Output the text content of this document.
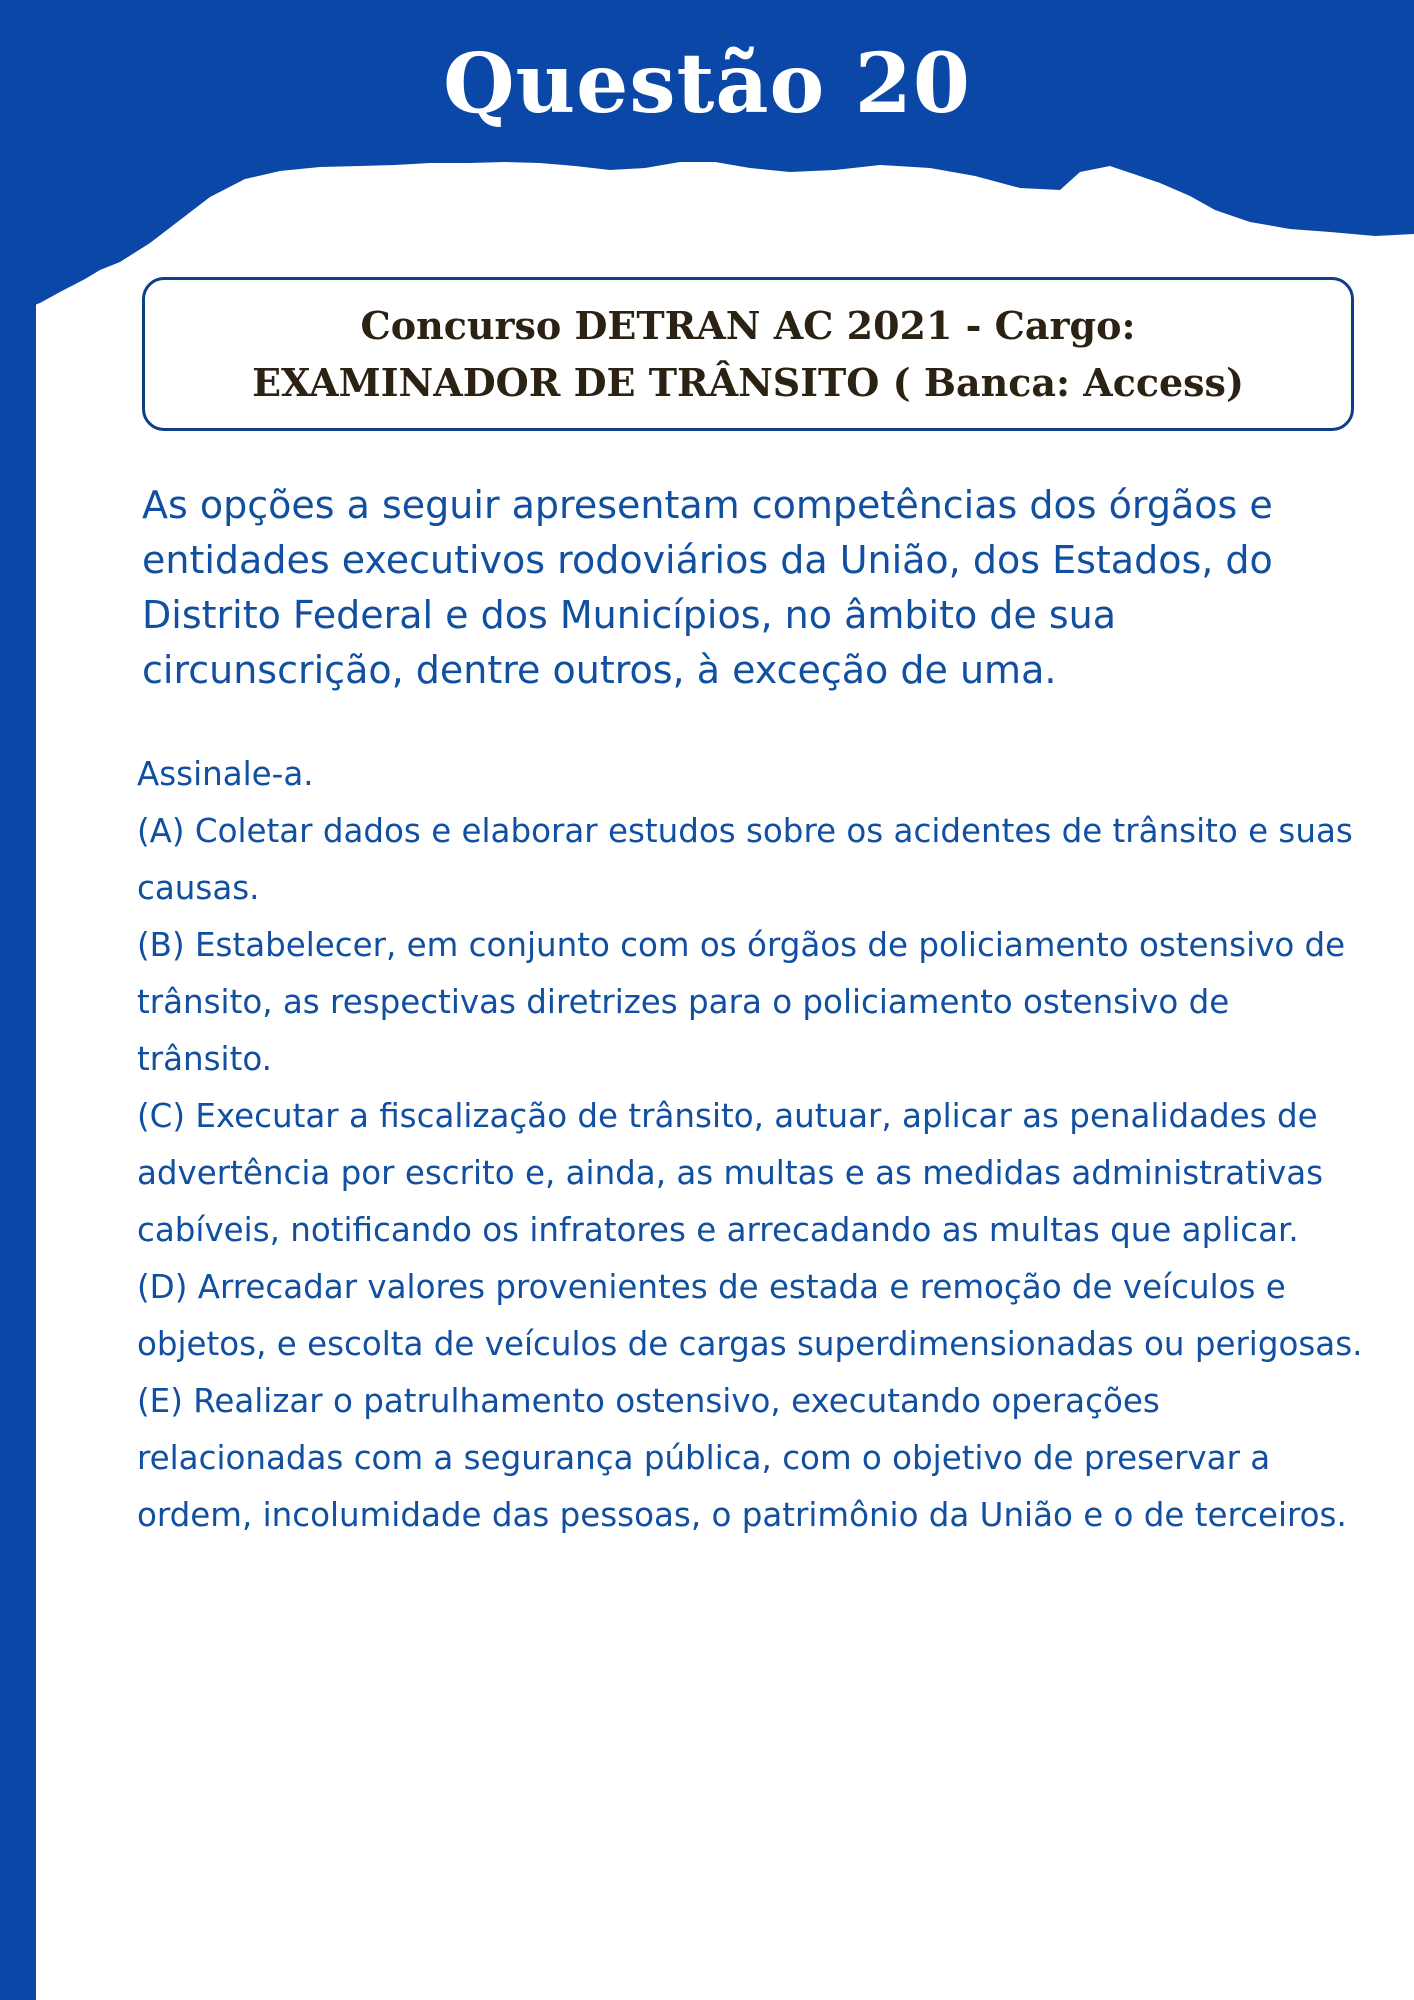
Questão 20
Concurso DETRAN AC 2021 - Cargo:
EXAMINADOR DE TRÂNSITO ( Banca: Access)

As opções a seguir apresentam competências dos órgãos e entidades executivos rodoviários da União, dos Estados, do Distrito Federal e dos Municípios, no âmbito de sua circunscrição, dentre outros, à exceção de uma.

Assinale-a.

(A) Coletar dados e elaborar estudos sobre os acidentes de trânsito e suas causas.

(B) Estabelecer, em conjunto com os órgãos de policiamento ostensivo de trânsito, as respectivas diretrizes para o policiamento ostensivo de trânsito.

(C) Executar a fiscalização de trânsito, autuar, aplicar as penalidades de advertência por escrito e, ainda, as multas e as medidas administrativas cabíveis, notificando os infratores e arrecadando as multas que aplicar.

(D) Arrecadar valores provenientes de estada e remoção de veículos e objetos, e escolta de veículos de cargas superdimensionadas ou perigosas.

(E) Realizar o patrulhamento ostensivo, executando operações relacionadas com a segurança pública, com o objetivo de preservar a ordem, incolumidade das pessoas, o patrimônio da União e o de terceiros.
